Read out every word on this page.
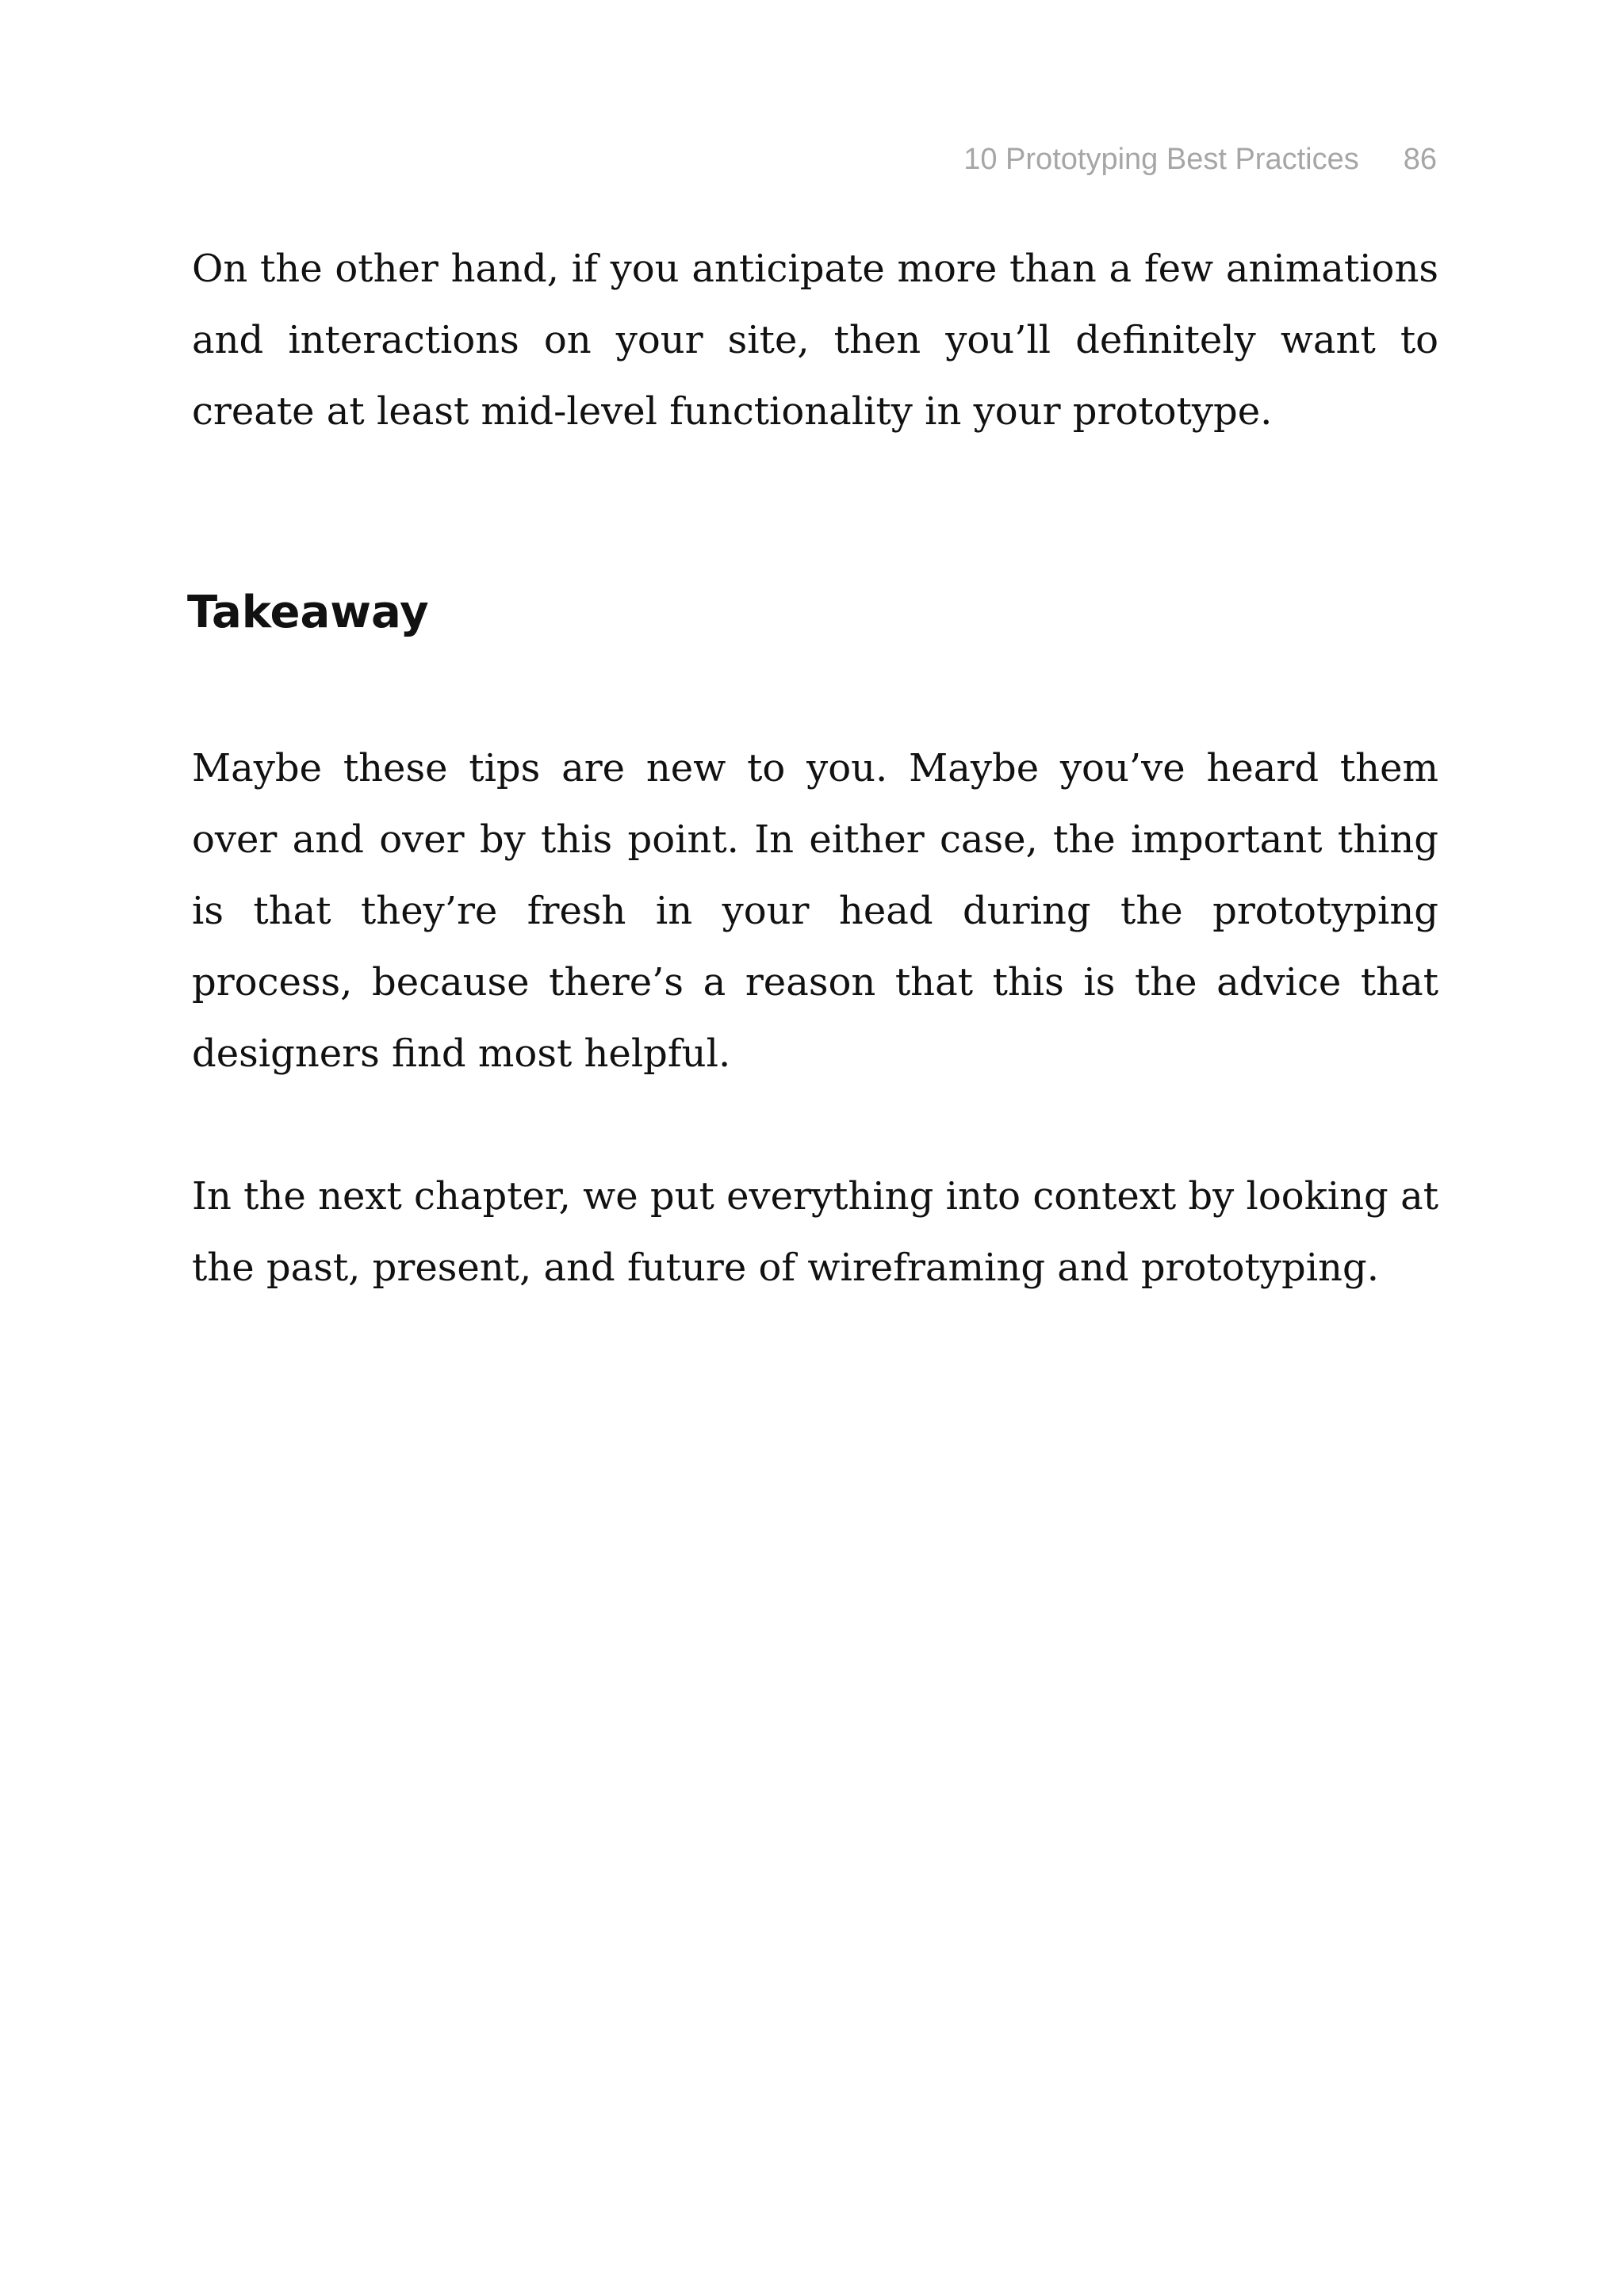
10 Prototyping Best Practices 86

On the other hand, if you anticipate more than a few animations and interactions on your site, then you’ll definitely want to create at least mid-level functionality in your prototype.

Takeaway

Maybe these tips are new to you. Maybe you’ve heard them over and over by this point. In either case, the important thing is that they’re fresh in your head during the prototyping process, because there’s a reason that this is the advice that designers find most helpful.

In the next chapter, we put everything into context by looking at the past, present, and future of wireframing and prototyping.
